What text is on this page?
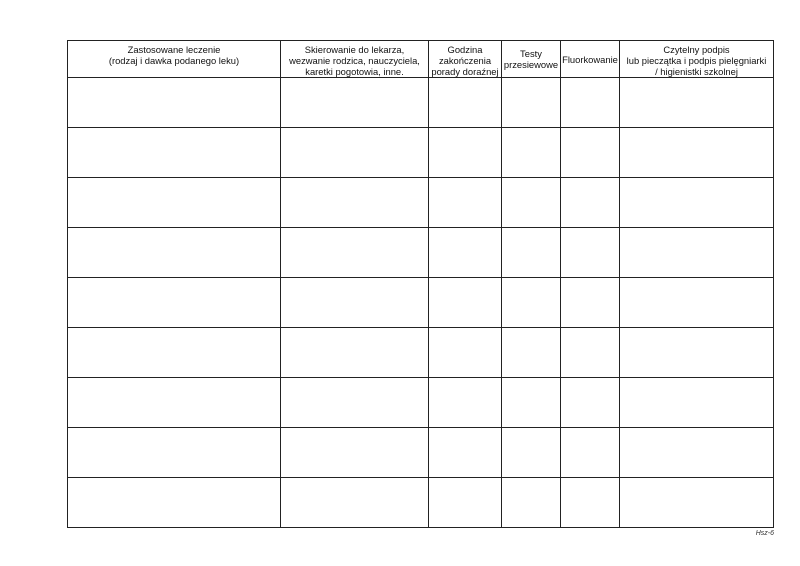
Zastosowane leczenie
(rodzaj i dawka podanego leku)	Skierowanie do lekarza,
wezwanie rodzica, nauczyciela,
karetki pogotowia, inne.	Godzina
zakończenia
porady doraźnej	Testy
przesiewowe	Fluorkowanie	Czytelny podpis
lub pieczątka i podpis pielęgniarki
/ higienistki szkolnej

Hsz-6
